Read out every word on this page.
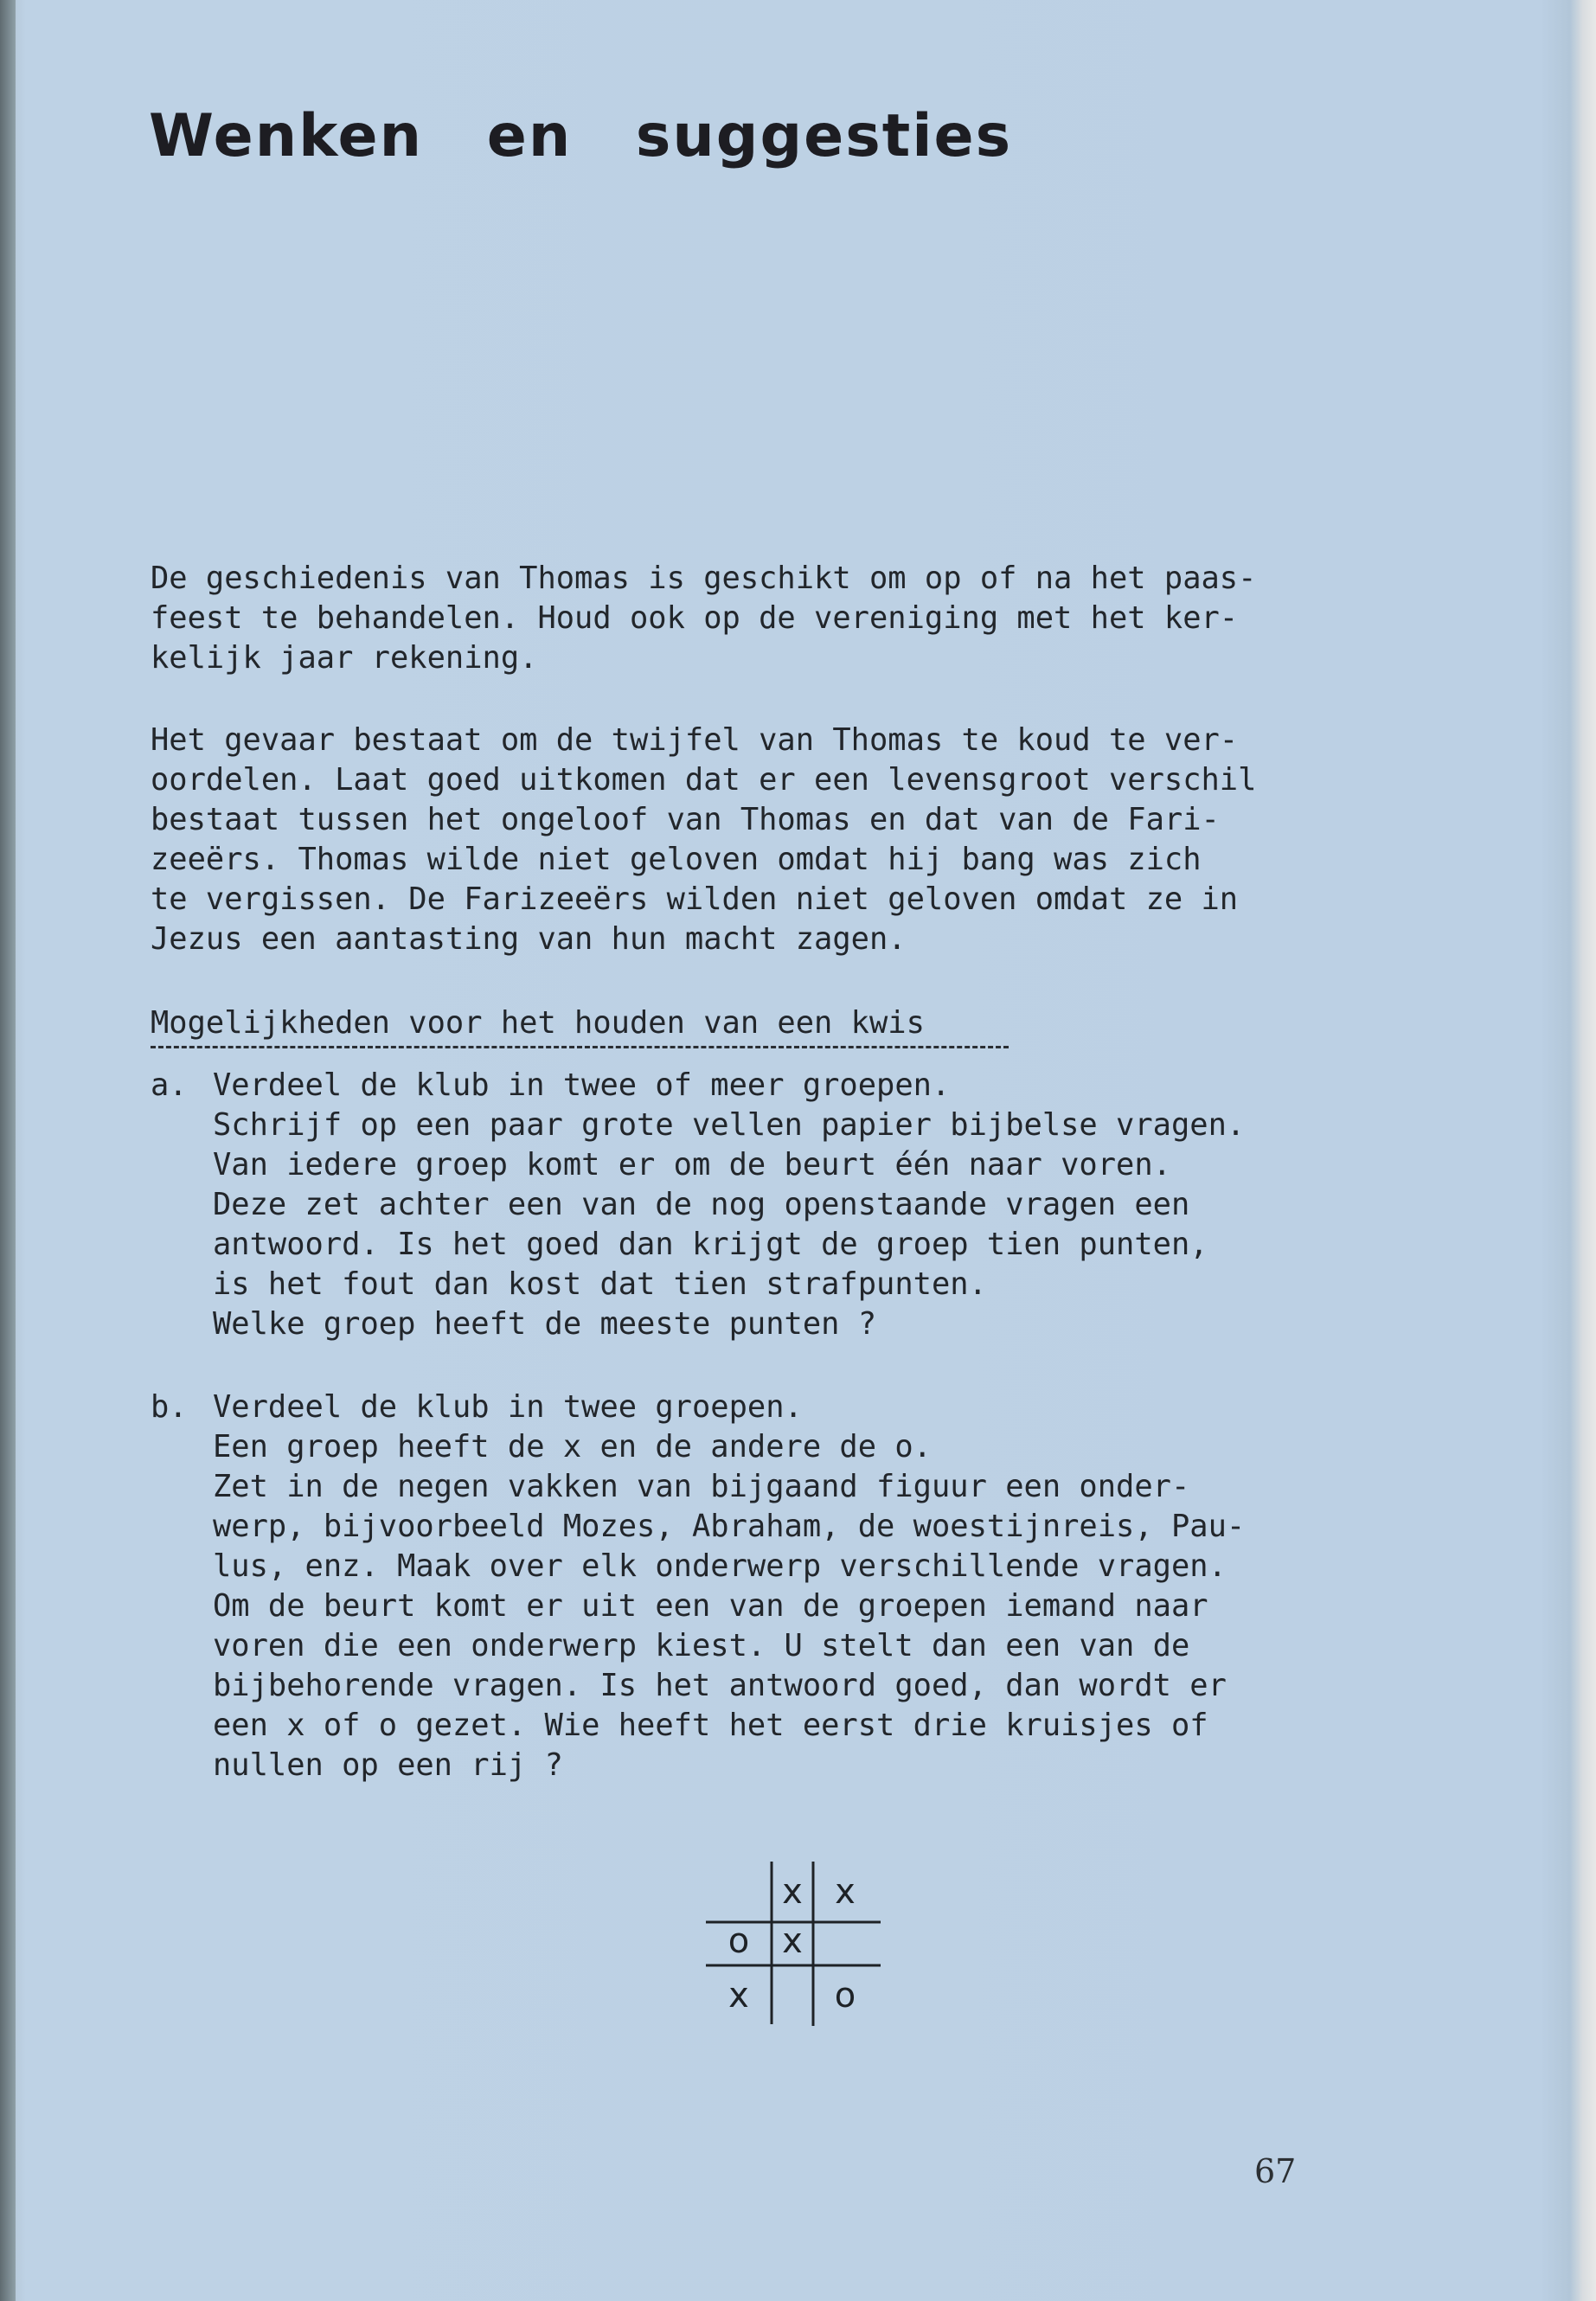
Wenken en suggesties
De geschiedenis van Thomas is geschikt om op of na het paas-
feest te behandelen. Houd ook op de vereniging met het ker-
kelijk jaar rekening.
Het gevaar bestaat om de twijfel van Thomas te koud te ver-
oordelen. Laat goed uitkomen dat er een levensgroot verschil
bestaat tussen het ongeloof van Thomas en dat van de Fari-
zeeërs. Thomas wilde niet geloven omdat hij bang was zich
te vergissen. De Farizeeërs wilden niet geloven omdat ze in
Jezus een aantasting van hun macht zagen.
Mogelijkheden voor het houden van een kwis

a.

Verdeel de klub in twee of meer groepen.
Schrijf op een paar grote vellen papier bijbelse vragen.
Van iedere groep komt er om de beurt één naar voren.
Deze zet achter een van de nog openstaande vragen een
antwoord. Is het goed dan krijgt de groep tien punten,
is het fout dan kost dat tien strafpunten.
Welke groep heeft de meeste punten ?

b.

Verdeel de klub in twee groepen.
Een groep heeft de x en de andere de o.
Zet in de negen vakken van bijgaand figuur een onder-
werp, bijvoorbeeld Mozes, Abraham, de woestijnreis, Pau-
lus, enz. Maak over elk onderwerp verschillende vragen.
Om de beurt komt er uit een van de groepen iemand naar
voren die een onderwerp kiest. U stelt dan een van de
bijbehorende vragen. Is het antwoord goed, dan wordt er
een x of o gezet. Wie heeft het eerst drie kruisjes of
nullen op een rij ?

x x
o x
x o
67
